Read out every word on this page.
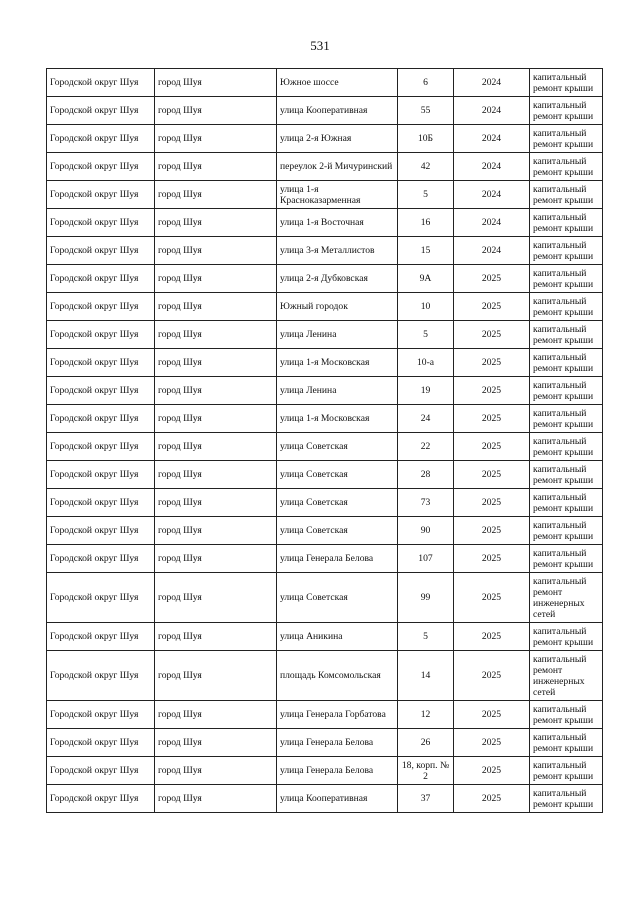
531
Городской округ Шуя	город Шуя	Южное шоссе	6	2024	капитальный ремонт крыши
Городской округ Шуя	город Шуя	улица Кооперативная	55	2024	капитальный ремонт крыши
Городской округ Шуя	город Шуя	улица 2-я Южная	10Б	2024	капитальный ремонт крыши
Городской округ Шуя	город Шуя	переулок 2-й Мичуринский	42	2024	капитальный ремонт крыши
Городской округ Шуя	город Шуя	улица 1-я Красноказарменная	5	2024	капитальный ремонт крыши
Городской округ Шуя	город Шуя	улица 1-я Восточная	16	2024	капитальный ремонт крыши
Городской округ Шуя	город Шуя	улица 3-я Металлистов	15	2024	капитальный ремонт крыши
Городской округ Шуя	город Шуя	улица 2-я Дубковская	9А	2025	капитальный ремонт крыши
Городской округ Шуя	город Шуя	Южный городок	10	2025	капитальный ремонт крыши
Городской округ Шуя	город Шуя	улица Ленина	5	2025	капитальный ремонт крыши
Городской округ Шуя	город Шуя	улица 1-я Московская	10-а	2025	капитальный ремонт крыши
Городской округ Шуя	город Шуя	улица Ленина	19	2025	капитальный ремонт крыши
Городской округ Шуя	город Шуя	улица 1-я Московская	24	2025	капитальный ремонт крыши
Городской округ Шуя	город Шуя	улица Советская	22	2025	капитальный ремонт крыши
Городской округ Шуя	город Шуя	улица Советская	28	2025	капитальный ремонт крыши
Городской округ Шуя	город Шуя	улица Советская	73	2025	капитальный ремонт крыши
Городской округ Шуя	город Шуя	улица Советская	90	2025	капитальный ремонт крыши
Городской округ Шуя	город Шуя	улица Генерала Белова	107	2025	капитальный ремонт крыши
Городской округ Шуя	город Шуя	улица Советская	99	2025	капитальный ремонт инженерных сетей
Городской округ Шуя	город Шуя	улица Аникина	5	2025	капитальный ремонт крыши
Городской округ Шуя	город Шуя	площадь Комсомольская	14	2025	капитальный ремонт инженерных сетей
Городской округ Шуя	город Шуя	улица Генерала Горбатова	12	2025	капитальный ремонт крыши
Городской округ Шуя	город Шуя	улица Генерала Белова	26	2025	капитальный ремонт крыши
Городской округ Шуя	город Шуя	улица Генерала Белова	18, корп. № 2	2025	капитальный ремонт крыши
Городской округ Шуя	город Шуя	улица Кооперативная	37	2025	капитальный ремонт крыши
